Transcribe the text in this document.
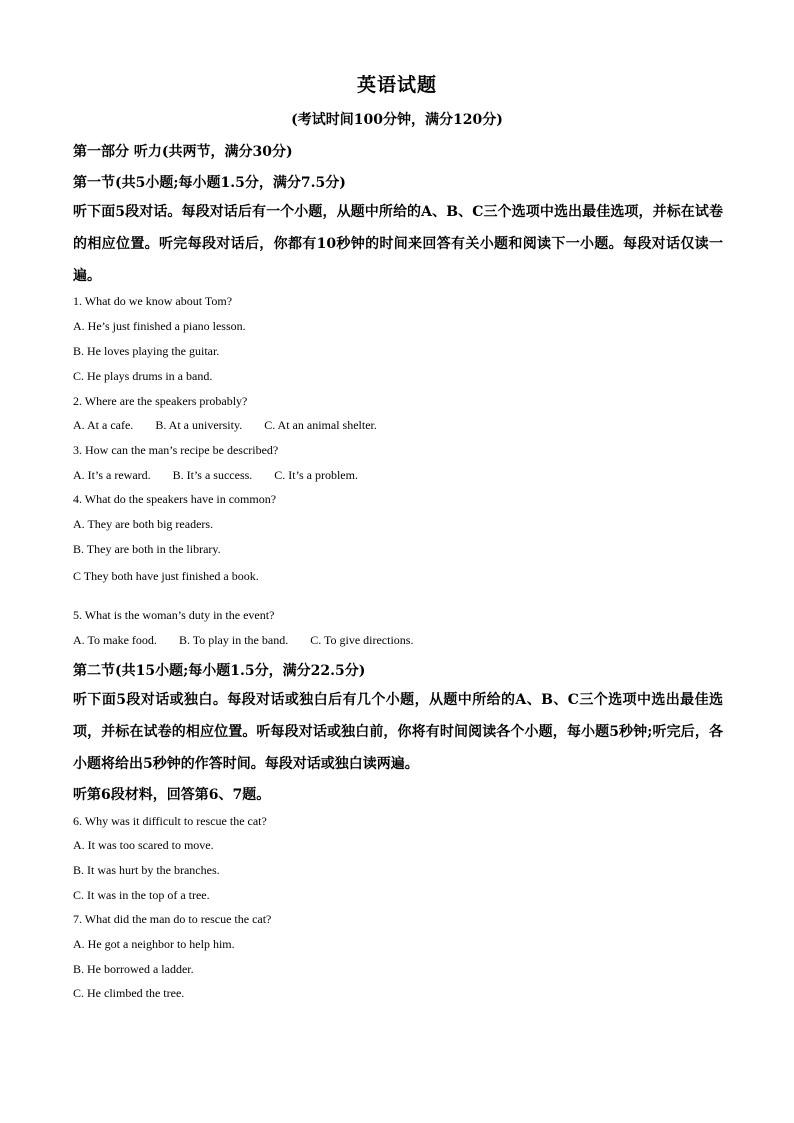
英语试题
(考试时间100分钟，满分120分)
第一部分 听力(共两节，满分30分)
第一节(共5小题;每小题1.5分，满分7.5分)
听下面5段对话。每段对话后有一个小题，从题中所给的A、B、C三个选项中选出最佳选项，并标在试卷的相应位置。听完每段对话后，你都有10秒钟的时间来回答有关小题和阅读下一小题。每段对话仅读一遍。
1. What do we know about Tom?
A. He’s just finished a piano lesson.
B. He loves playing the guitar.
C. He plays drums in a band.
2. Where are the speakers probably?
A. At a cafe. B. At a university. C. At an animal shelter.
3. How can the man’s recipe be described?
A. It’s a reward. B. It’s a success. C. It’s a problem.
4. What do the speakers have in common?
A. They are both big readers.
B. They are both in the library.
C They both have just finished a book.
5. What is the woman’s duty in the event?
A. To make food. B. To play in the band. C. To give directions.
第二节(共15小题;每小题1.5分，满分22.5分)
听下面5段对话或独白。每段对话或独白后有几个小题，从题中所给的A、B、C三个选项中选出最佳选项，并标在试卷的相应位置。听每段对话或独白前，你将有时间阅读各个小题，每小题5秒钟;听完后，各小题将给出5秒钟的作答时间。每段对话或独白读两遍。
听第6段材料，回答第6、7题。
6. Why was it difficult to rescue the cat?
A. It was too scared to move.
B. It was hurt by the branches.
C. It was in the top of a tree.
7. What did the man do to rescue the cat?
A. He got a neighbor to help him.
B. He borrowed a ladder.
C. He climbed the tree.
